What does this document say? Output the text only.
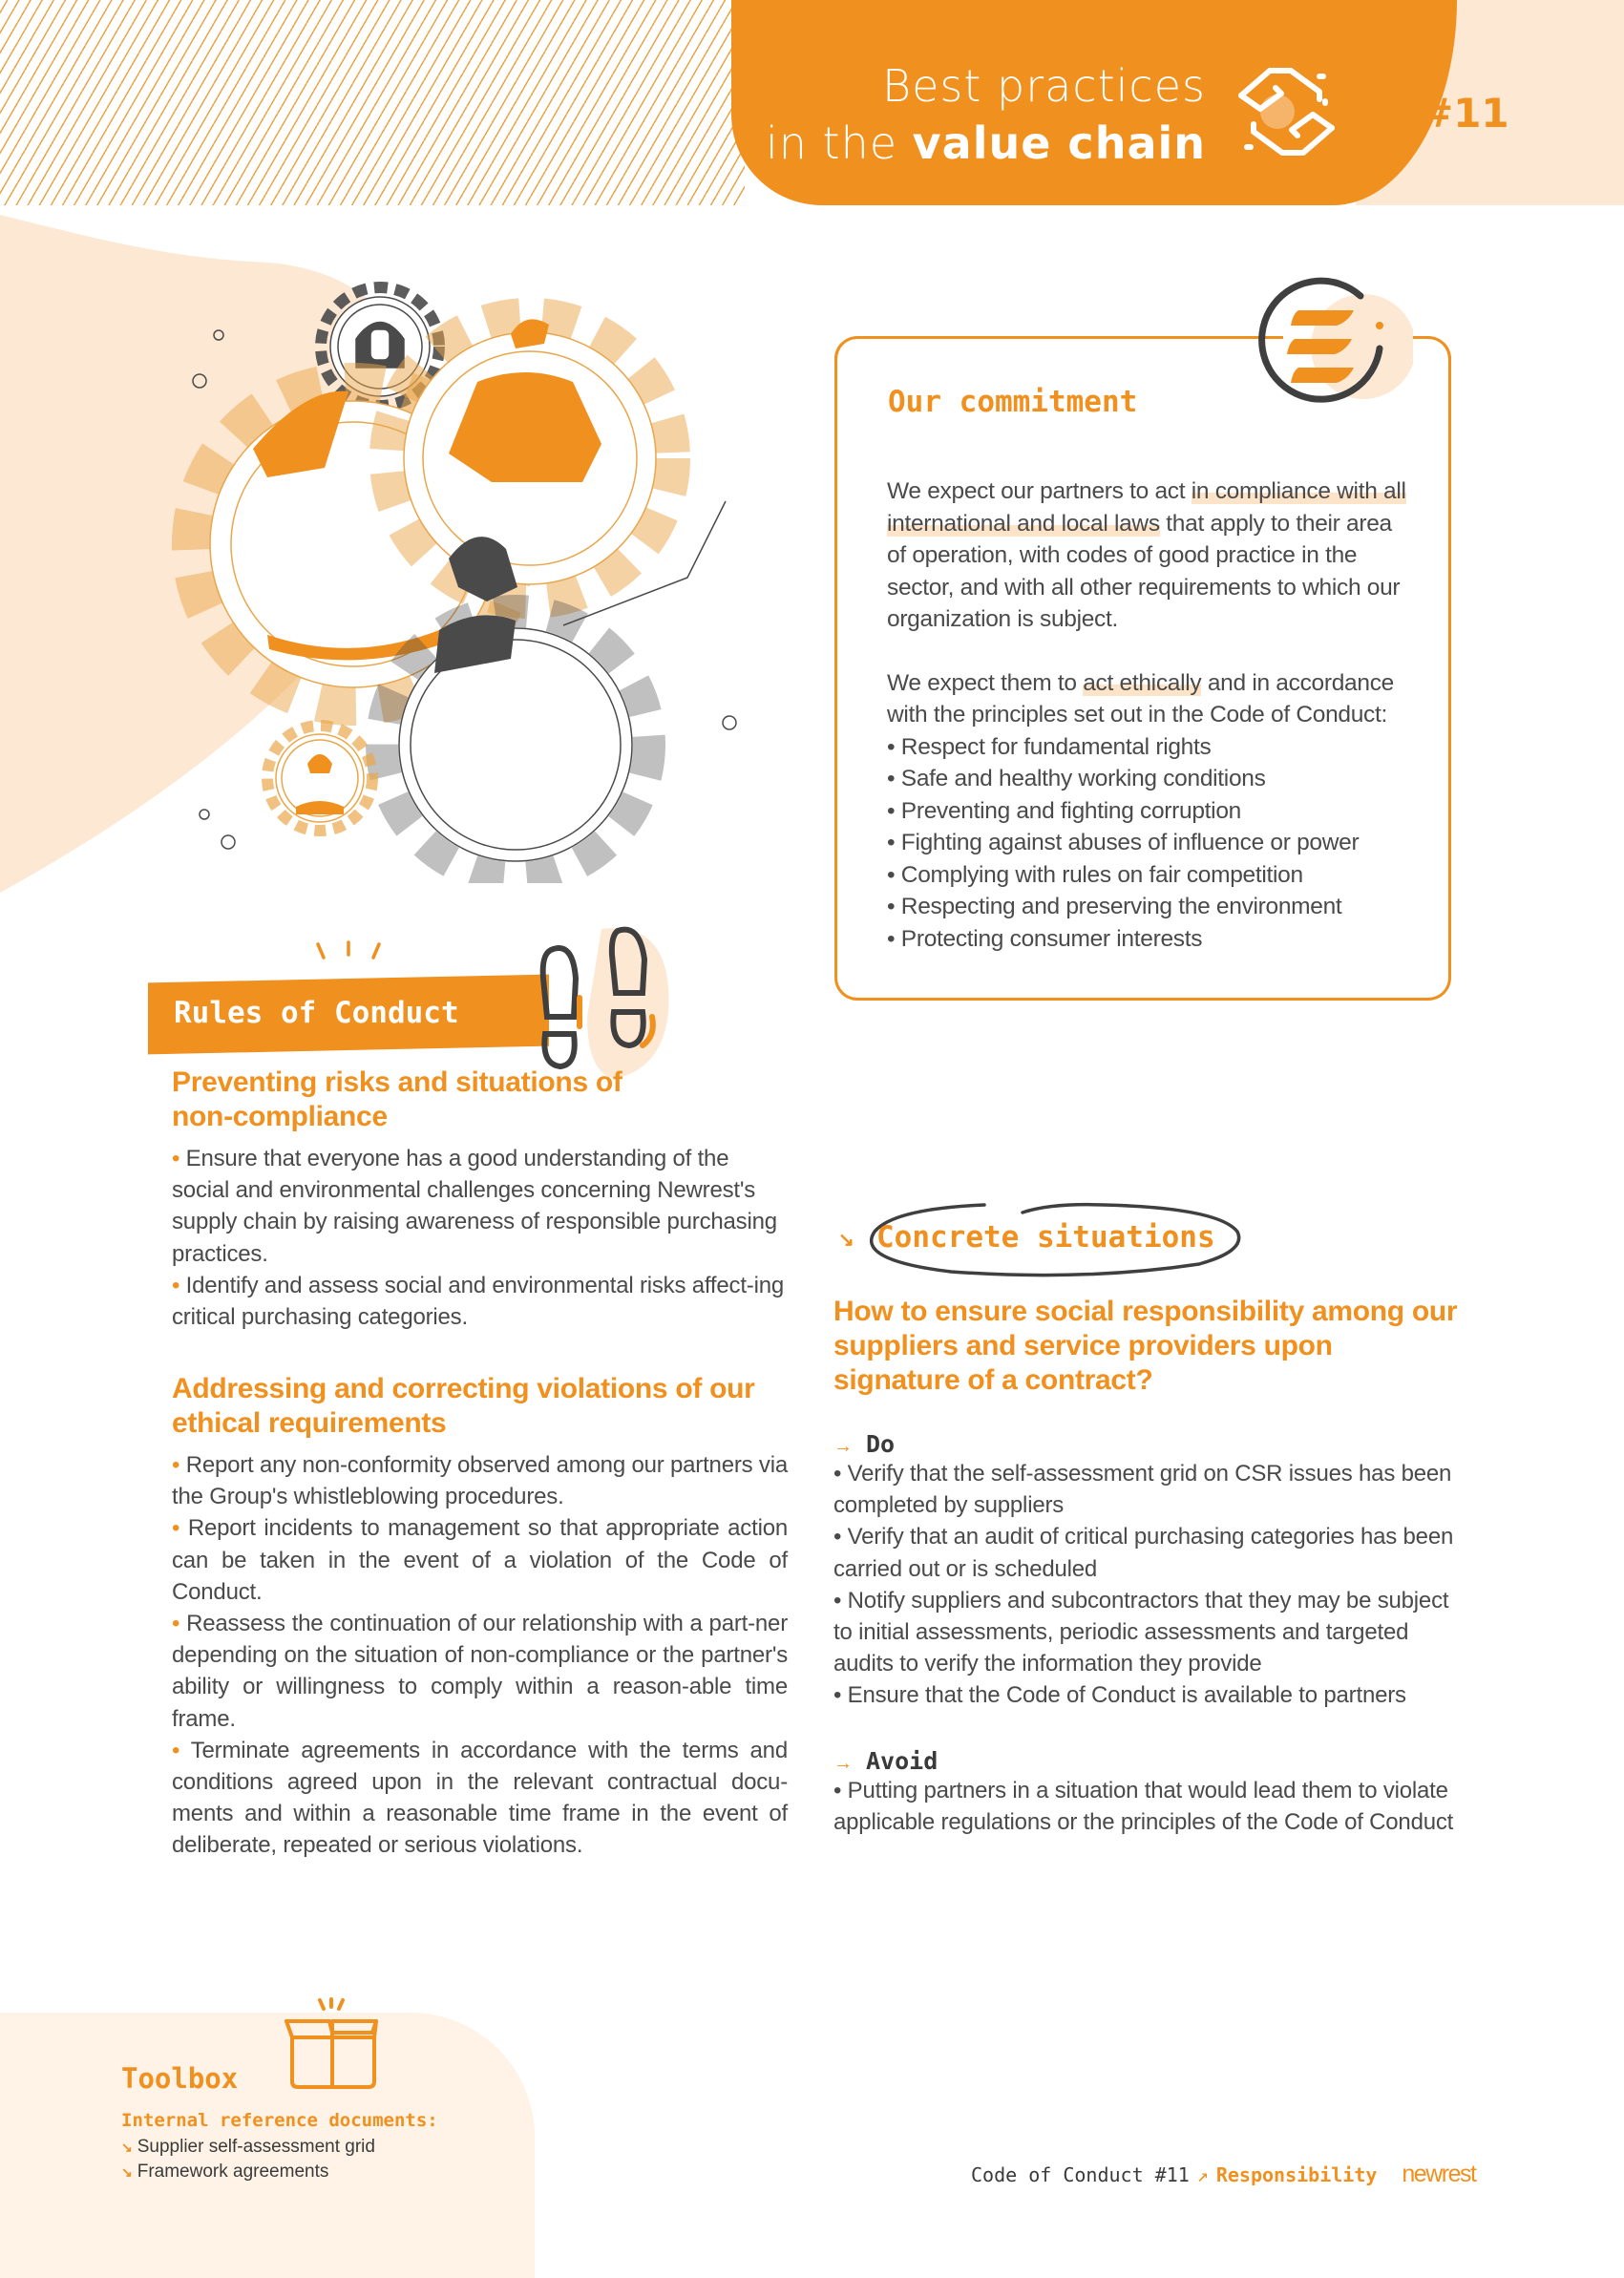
Best practices
in the value chain
#11
Our commitment

We expect our partners to act in compliance with all international and local laws that apply to their area of operation, with codes of good practice in the sector, and with all other requirements to which our organization is subject.

We expect them to act ethically and in accordance with the principles set out in the Code of Conduct:
• Respect for fundamental rights
• Safe and healthy working conditions
• Preventing and fighting corruption
• Fighting against abuses of influence or power
• Complying with rules on fair competition
• Respecting and preserving the environment
• Protecting consumer interests
Rules of Conduct
Preventing risks and situations of non-compliance
• Ensure that everyone has a good understanding of the social and environmental challenges concerning Newrest's supply chain by raising awareness of responsible purchasing practices.
• Identify and assess social and environmental risks affect-ing critical purchasing categories.
Addressing and correcting violations of our ethical requirements
• Report any non-conformity observed among our partners via the Group's whistleblowing procedures.
• Report incidents to management so that appropriate action can be taken in the event of a violation of the Code of Conduct.
• Reassess the continuation of our relationship with a part-ner depending on the situation of non-compliance or the partner's ability or willingness to comply within a reason-able time frame.
• Terminate agreements in accordance with the terms and conditions agreed upon in the relevant contractual docu-ments and within a reasonable time frame in the event of deliberate, repeated or serious violations.
↘ Concrete situations
How to ensure social responsibility among our suppliers and service providers upon signature of a contract?
→ Do
• Verify that the self-assessment grid on CSR issues has been completed by suppliers
• Verify that an audit of critical purchasing categories has been carried out or is scheduled
• Notify suppliers and subcontractors that they may be subject to initial assessments, periodic assessments and targeted audits to verify the information they provide
• Ensure that the Code of Conduct is available to partners
→ Avoid
• Putting partners in a situation that would lead them to violate applicable regulations or the principles of the Code of Conduct
Toolbox
Internal reference documents:
↘ Supplier self-assessment grid
↘ Framework agreements	Code of Conduct #11 ↗ Responsibility newrest
